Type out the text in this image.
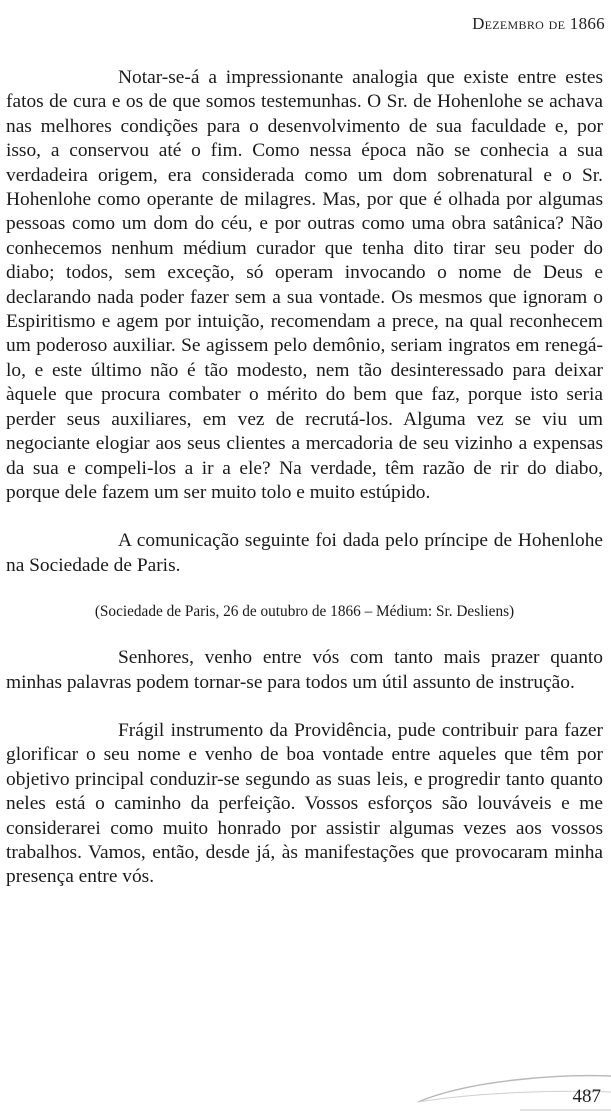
Dezembro de 1866

Notar-se-á a impressionante analogia que existe entre estes fatos de cura e os de que somos testemunhas. O Sr. de Hohenlohe se achava nas melhores condições para o desenvolvimento de sua faculdade e, por isso, a conservou até o fim. Como nessa época não se conhecia a sua verdadeira origem, era considerada como um dom sobrenatural e o Sr. Hohenlohe como operante de milagres. Mas, por que é olhada por algumas pessoas como um dom do céu, e por outras como uma obra satânica? Não conhecemos nenhum médium curador que tenha dito tirar seu poder do diabo; todos, sem exceção, só operam invocando o nome de Deus e declarando nada poder fazer sem a sua vontade. Os mesmos que ignoram o Espiritismo e agem por intuição, recomendam a prece, na qual reconhecem um poderoso auxiliar. Se agissem pelo demônio, seriam ingratos em renegá-lo, e este último não é tão modesto, nem tão desinteressado para deixar àquele que procura combater o mérito do bem que faz, porque isto seria perder seus auxiliares, em vez de recrutá-los. Alguma vez se viu um negociante elogiar aos seus clientes a mercadoria de seu vizinho a expensas da sua e compeli-los a ir a ele? Na verdade, têm razão de rir do diabo, porque dele fazem um ser muito tolo e muito estúpido.

A comunicação seguinte foi dada pelo príncipe de Hohenlohe na Sociedade de Paris.

(Sociedade de Paris, 26 de outubro de 1866 – Médium: Sr. Desliens)

Senhores, venho entre vós com tanto mais prazer quanto minhas palavras podem tornar-se para todos um útil assunto de instrução.

Frágil instrumento da Providência, pude contribuir para fazer glorificar o seu nome e venho de boa vontade entre aqueles que têm por objetivo principal conduzir-se segundo as suas leis, e progredir tanto quanto neles está o caminho da perfeição. Vossos esforços são louváveis e me considerarei como muito honrado por assistir algumas vezes aos vossos trabalhos. Vamos, então, desde já, às manifestações que provocaram minha presença entre vós.

487
